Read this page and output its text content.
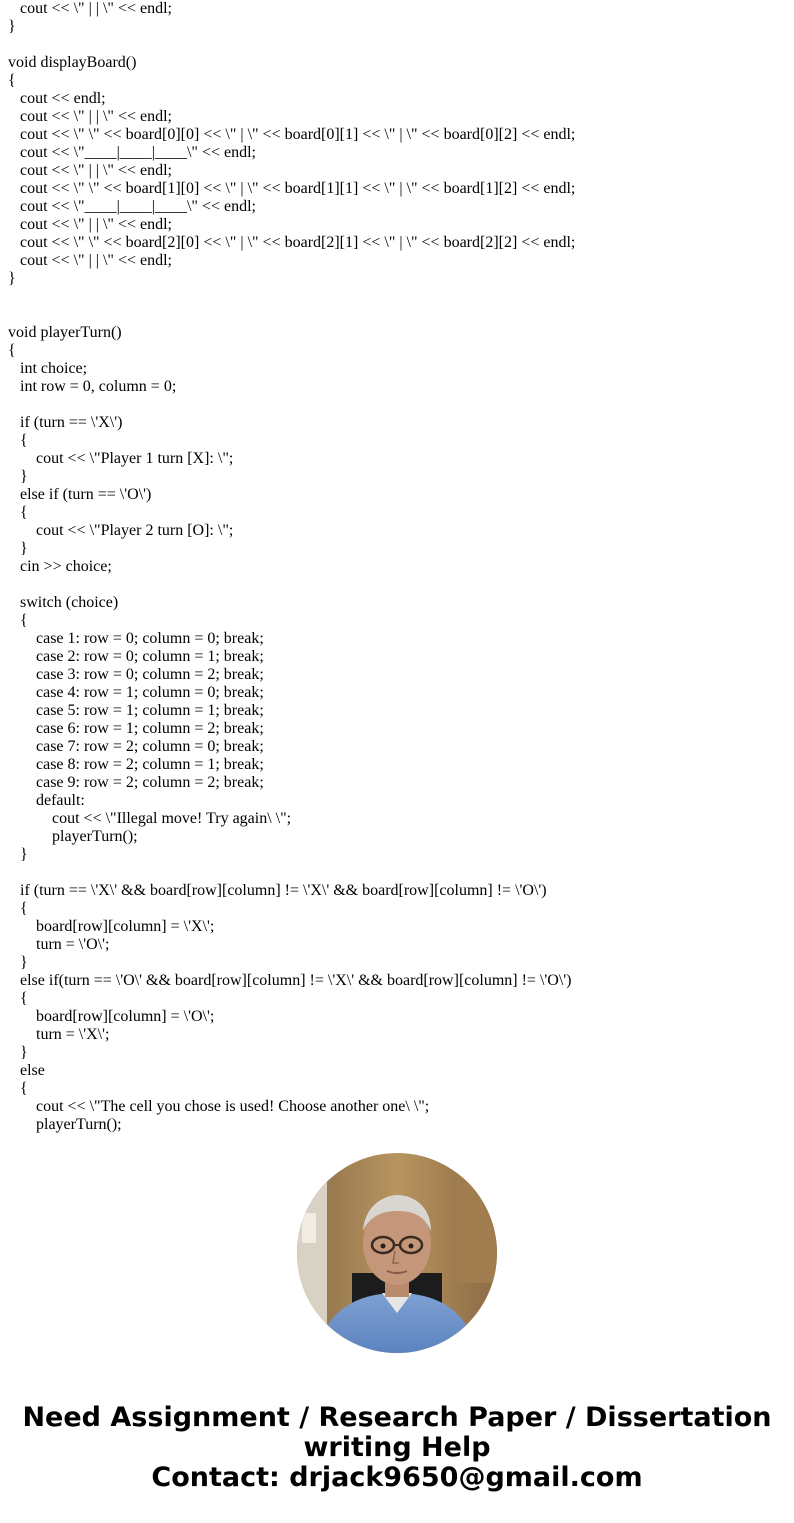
cout << \" | | \" << endl;
}
void displayBoard()
{
cout << endl;
cout << \" | | \" << endl;
cout << \" \" << board[0][0] << \" | \" << board[0][1] << \" | \" << board[0][2] << endl;
cout << \"____|____|____\" << endl;
cout << \" | | \" << endl;
cout << \" \" << board[1][0] << \" | \" << board[1][1] << \" | \" << board[1][2] << endl;
cout << \"____|____|____\" << endl;
cout << \" | | \" << endl;
cout << \" \" << board[2][0] << \" | \" << board[2][1] << \" | \" << board[2][2] << endl;
cout << \" | | \" << endl;
}
void playerTurn()
{
int choice;
int row = 0, column = 0;
if (turn == \'X\')
{
cout << \"Player 1 turn [X]: \";
}
else if (turn == \'O\')
{
cout << \"Player 2 turn [O]: \";
}
cin >> choice;
switch (choice)
{
case 1: row = 0; column = 0; break;
case 2: row = 0; column = 1; break;
case 3: row = 0; column = 2; break;
case 4: row = 1; column = 0; break;
case 5: row = 1; column = 1; break;
case 6: row = 1; column = 2; break;
case 7: row = 2; column = 0; break;
case 8: row = 2; column = 1; break;
case 9: row = 2; column = 2; break;
default:
cout << \"Illegal move! Try again\ \";
playerTurn();
}
if (turn == \'X\' && board[row][column] != \'X\' && board[row][column] != \'O\')
{
board[row][column] = \'X\';
turn = \'O\';
}
else if(turn == \'O\' && board[row][column] != \'X\' && board[row][column] != \'O\')
{
board[row][column] = \'O\';
turn = \'X\';
}
else
{
cout << \"The cell you chose is used! Choose another one\ \";
playerTurn();
Need Assignment / Research Paper / Dissertation
writing Help
Contact: drjack9650@gmail.com
